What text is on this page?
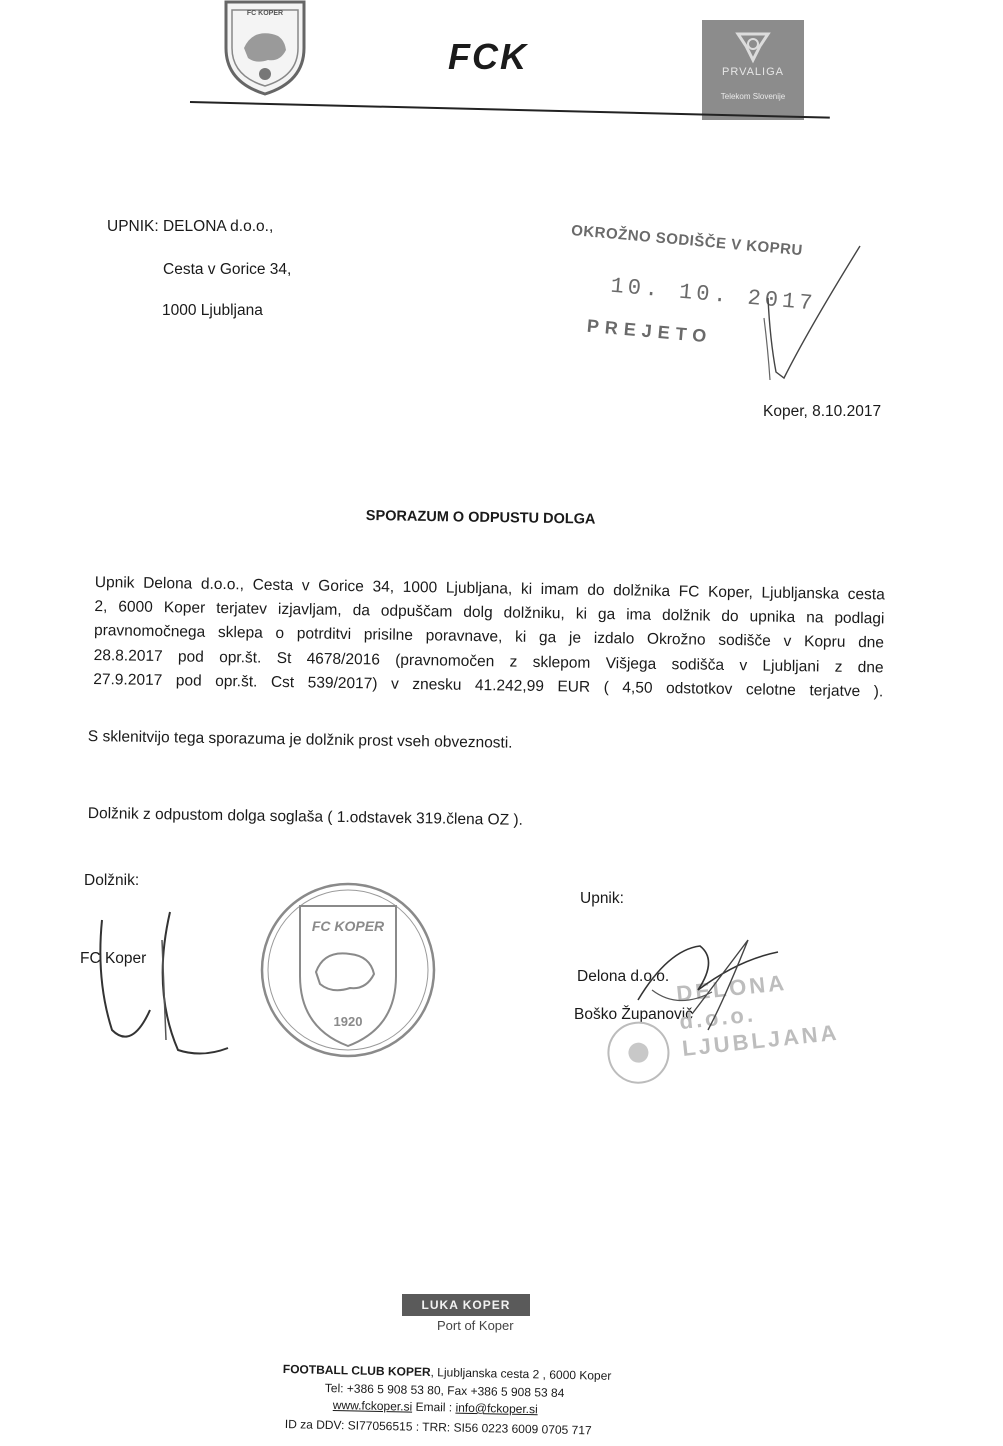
FC KOPER
FCK	PRVALIGA
Telekom Slovenije
UPNIK: DELONA d.o.o.,
Cesta v Gorice 34,
1000 Ljubljana
OKROŽNO SODIŠČE V KOPRU
10. 10. 2017
PREJETO
Koper, 8.10.2017
SPORAZUM O ODPUSTU DOLGA
Upnik Delona d.o.o., Cesta v Gorice 34, 1000 Ljubljana, ki imam do dolžnika FC Koper, Ljubljanska cesta
2, 6000 Koper terjatev izjavljam, da odpuščam dolg dolžniku, ki ga ima dolžnik do upnika na podlagi
pravnomočnega sklepa o potrditvi prisilne poravnave, ki ga je izdalo Okrožno sodišče v Kopru dne
28.8.2017 pod opr.št. St 4678/2016 (pravnomočen z sklepom Višjega sodišča v Ljubljani z dne
27.9.2017 pod opr.št. Cst 539/2017) v znesku 41.242,99 EUR ( 4,50 odstotkov celotne terjatve ).
S sklenitvijo tega sporazuma je dolžnik prost vseh obveznosti.
Dolžnik z odpustom dolga soglaša ( 1.odstavek 319.člena OZ ).
Dolžnik:
FC Koper
FC KOPER
1920
Upnik:
Delona d.o.o.
Boško Županovič
DELONA d.o.o. LJUBLJANA
LUKA KOPER
Port of Koper
FOOTBALL CLUB KOPER, Ljubljanska cesta 2 , 6000 Koper
Tel: +386 5 908 53 80, Fax +386 5 908 53 84
www.fckoper.si Email : info@fckoper.si
ID za DDV: SI77056515 : TRR: SI56 0223 6009 0705 717
